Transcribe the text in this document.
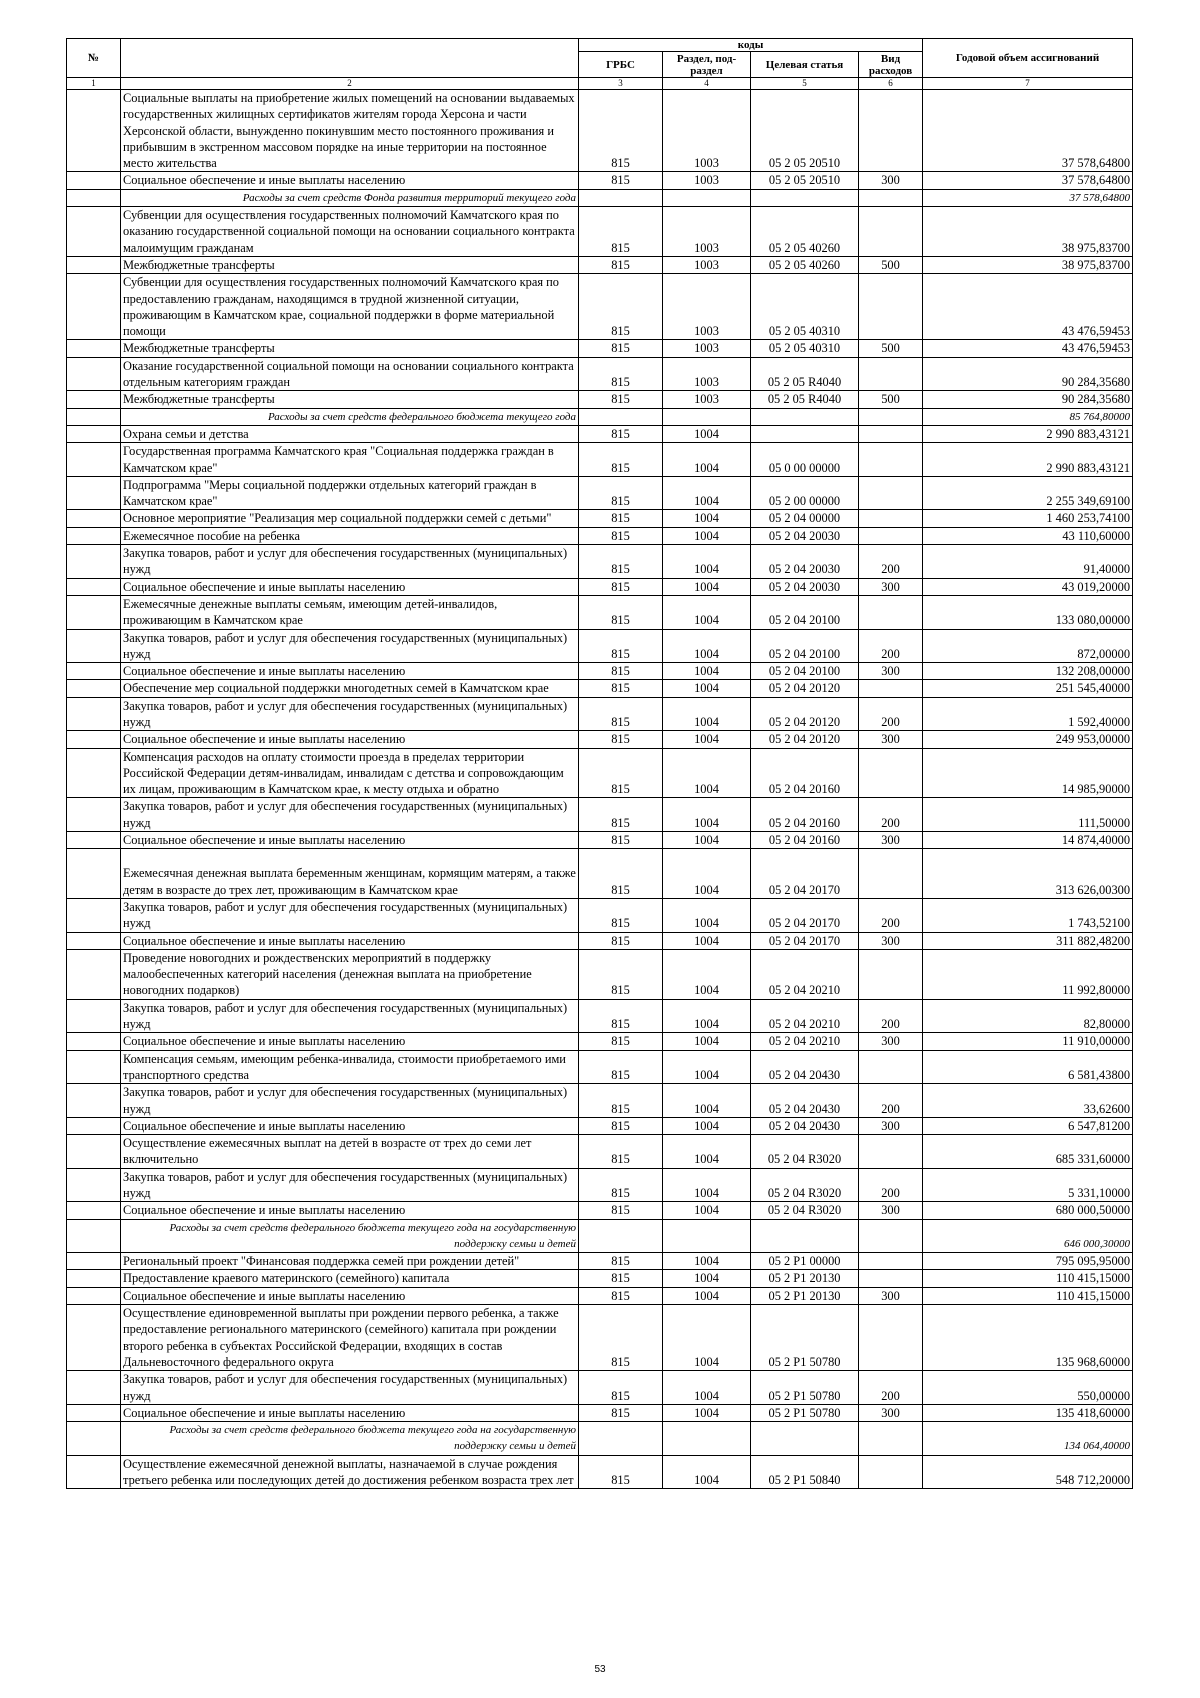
№		коды				Годовой объем ассигнований
		ГРБС	Раздел, под-раздел	Целевая статья	Вид расходов	
1	2	3	4	5	6	7
	Социальные выплаты на приобретение жилых помещений на основании выдаваемых государственных жилищных сертификатов жителям города Херсона и части Херсонской области, вынужденно покинувшим место постоянного проживания и прибывшим в экстренном массовом порядке на иные территории на постоянное место жительства	815	1003	05 2 05 20510		37 578,64800
	Социальное обеспечение и иные выплаты населению	815	1003	05 2 05 20510	300	37 578,64800
	Расходы за счет средств Фонда развития территорий текущего года					37 578,64800
	Субвенции для осуществления государственных полномочий Камчатского края по оказанию государственной социальной помощи на основании социального контракта малоимущим гражданам	815	1003	05 2 05 40260		38 975,83700
	Межбюджетные трансферты	815	1003	05 2 05 40260	500	38 975,83700
	Субвенции для осуществления государственных полномочий Камчатского края по предоставлению гражданам, находящимся в трудной жизненной ситуации, проживающим в Камчатском крае, социальной поддержки в форме материальной помощи	815	1003	05 2 05 40310		43 476,59453
	Межбюджетные трансферты	815	1003	05 2 05 40310	500	43 476,59453
	Оказание государственной социальной помощи на основании социального контракта отдельным категориям граждан	815	1003	05 2 05 R4040		90 284,35680
	Межбюджетные трансферты	815	1003	05 2 05 R4040	500	90 284,35680
	Расходы за счет средств федерального бюджета текущего года					85 764,80000
	Охрана семьи и детства	815	1004			2 990 883,43121
	Государственная программа Камчатского края "Социальная поддержка граждан в Камчатском крае"	815	1004	05 0 00 00000		2 990 883,43121
	Подпрограмма "Меры социальной поддержки отдельных категорий граждан в Камчатском крае"	815	1004	05 2 00 00000		2 255 349,69100
	Основное мероприятие "Реализация мер социальной поддержки семей с детьми"	815	1004	05 2 04 00000		1 460 253,74100
	Ежемесячное пособие на ребенка	815	1004	05 2 04 20030		43 110,60000
	Закупка товаров, работ и услуг для обеспечения государственных (муниципальных) нужд	815	1004	05 2 04 20030	200	91,40000
	Социальное обеспечение и иные выплаты населению	815	1004	05 2 04 20030	300	43 019,20000
	Ежемесячные денежные выплаты семьям, имеющим детей-инвалидов, проживающим в Камчатском крае	815	1004	05 2 04 20100		133 080,00000
	Закупка товаров, работ и услуг для обеспечения государственных (муниципальных) нужд	815	1004	05 2 04 20100	200	872,00000
	Социальное обеспечение и иные выплаты населению	815	1004	05 2 04 20100	300	132 208,00000
	Обеспечение мер социальной поддержки многодетных семей в Камчатском крае	815	1004	05 2 04 20120		251 545,40000
	Закупка товаров, работ и услуг для обеспечения государственных (муниципальных) нужд	815	1004	05 2 04 20120	200	1 592,40000
	Социальное обеспечение и иные выплаты населению	815	1004	05 2 04 20120	300	249 953,00000
	Компенсация расходов на оплату стоимости проезда в пределах территории Российской Федерации детям-инвалидам, инвалидам с детства и сопровождающим их лицам, проживающим в Камчатском крае, к месту отдыха и обратно	815	1004	05 2 04 20160		14 985,90000
	Закупка товаров, работ и услуг для обеспечения государственных (муниципальных) нужд	815	1004	05 2 04 20160	200	111,50000
	Социальное обеспечение и иные выплаты населению	815	1004	05 2 04 20160	300	14 874,40000
	Ежемесячная денежная выплата беременным женщинам, кормящим матерям, а также детям в возрасте до трех лет, проживающим в Камчатском крае	815	1004	05 2 04 20170		313 626,00300
	Закупка товаров, работ и услуг для обеспечения государственных (муниципальных) нужд	815	1004	05 2 04 20170	200	1 743,52100
	Социальное обеспечение и иные выплаты населению	815	1004	05 2 04 20170	300	311 882,48200
	Проведение новогодних и рождественских мероприятий в поддержку малообеспеченных категорий населения (денежная выплата на приобретение новогодних подарков)	815	1004	05 2 04 20210		11 992,80000
	Закупка товаров, работ и услуг для обеспечения государственных (муниципальных) нужд	815	1004	05 2 04 20210	200	82,80000
	Социальное обеспечение и иные выплаты населению	815	1004	05 2 04 20210	300	11 910,00000
	Компенсация семьям, имеющим ребенка-инвалида, стоимости приобретаемого ими транспортного средства	815	1004	05 2 04 20430		6 581,43800
	Закупка товаров, работ и услуг для обеспечения государственных (муниципальных) нужд	815	1004	05 2 04 20430	200	33,62600
	Социальное обеспечение и иные выплаты населению	815	1004	05 2 04 20430	300	6 547,81200
	Осуществление ежемесячных выплат на детей в возрасте от трех до семи лет включительно	815	1004	05 2 04 R3020		685 331,60000
	Закупка товаров, работ и услуг для обеспечения государственных (муниципальных) нужд	815	1004	05 2 04 R3020	200	5 331,10000
	Социальное обеспечение и иные выплаты населению	815	1004	05 2 04 R3020	300	680 000,50000
	Расходы за счет средств федерального бюджета текущего года на государственную поддержку семьи и детей					646 000,30000
	Региональный проект "Финансовая поддержка семей при рождении детей"	815	1004	05 2 P1 00000		795 095,95000
	Предоставление краевого материнского (семейного) капитала	815	1004	05 2 P1 20130		110 415,15000
	Социальное обеспечение и иные выплаты населению	815	1004	05 2 P1 20130	300	110 415,15000
	Осуществление единовременной выплаты при рождении первого ребенка, а также предоставление регионального материнского (семейного) капитала при рождении второго ребенка в субъектах Российской Федерации, входящих в состав Дальневосточного федерального округа	815	1004	05 2 P1 50780		135 968,60000
	Закупка товаров, работ и услуг для обеспечения государственных (муниципальных) нужд	815	1004	05 2 P1 50780	200	550,00000
	Социальное обеспечение и иные выплаты населению	815	1004	05 2 P1 50780	300	135 418,60000
	Расходы за счет средств федерального бюджета текущего года на государственную поддержку семьи и детей					134 064,40000
	Осуществление ежемесячной денежной выплаты, назначаемой в случае рождения третьего ребенка или последующих детей до достижения ребенком возраста трех лет	815	1004	05 2 P1 50840		548 712,20000
53
